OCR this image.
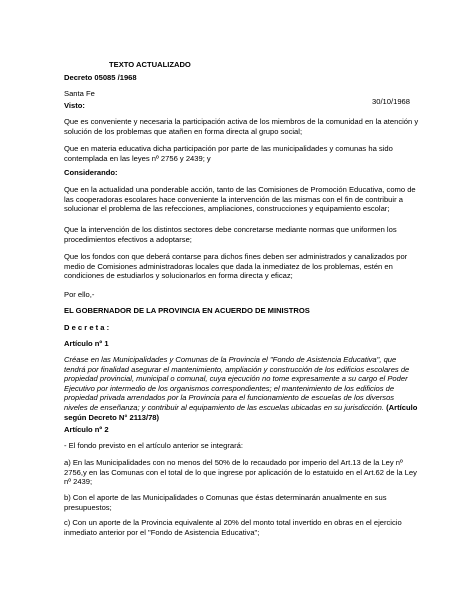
TEXTO ACTUALIZADO

Decreto 05085 /1968

Santa Fe

30/10/1968

Visto:

Que es conveniente y necesaria la participación activa de los miembros de la comunidad en la atención y solución de los problemas que atañen en forma directa al grupo social;

Que en materia educativa dicha participación por parte de las municipalidades y comunas ha sido contemplada en las leyes nº 2756 y 2439; y

Considerando:

Que en la actualidad una ponderable acción, tanto de las Comisiones de Promoción Educativa, como de las cooperadoras escolares hace conveniente la intervención de las mismas con el fin de contribuir a solucionar el problema de las refecciones, ampliaciones, construcciones y equipamiento escolar;

Que la intervención de los distintos sectores debe concretarse mediante normas que uniformen los procedimientos efectivos a adoptarse;

Que los fondos con que deberá contarse para dichos fines deben ser administrados y canalizados por medio de Comisiones administradoras locales que dada la inmediatez de los problemas, estén en condiciones de estudiarlos y solucionarlos en forma directa y eficaz;

Por ello,-

EL GOBERNADOR DE LA PROVINCIA EN ACUERDO DE MINISTROS

D e c r e t a :

Artículo nº 1

Créase en las Municipalidades y Comunas de la Provincia el "Fondo de Asistencia Educativa", que tendrá por finalidad asegurar el mantenimiento, ampliación y construcción de los edificios escolares de propiedad provincial, municipal o comunal, cuya ejecución no tome expresamente a su cargo el Poder Ejecutivo por intermedio de los organismos correspondientes; el mantenimiento de los edificios de propiedad privada arrendados por la Provincia para el funcionamiento de escuelas de los diversos niveles de enseñanza; y contribuir al equipamiento de las escuelas ubicadas en su jurisdicción. (Artículo según Decreto N° 2113/78)

Artículo nº 2

- El fondo previsto en el artículo anterior se integrará:

a) En las Municipalidades con no menos del 50% de lo recaudado por imperio del Art.13 de la Ley nº 2756,y en las Comunas con el total de lo que ingrese por aplicación de lo estatuido en el Art.62 de la Ley nº 2439;

b) Con el aporte de las Municipalidades o Comunas que éstas determinarán anualmente en sus presupuestos;

c) Con un aporte de la Provincia equivalente al 20% del monto total invertido en obras en el ejercicio inmediato anterior por el "Fondo de Asistencia Educativa";
